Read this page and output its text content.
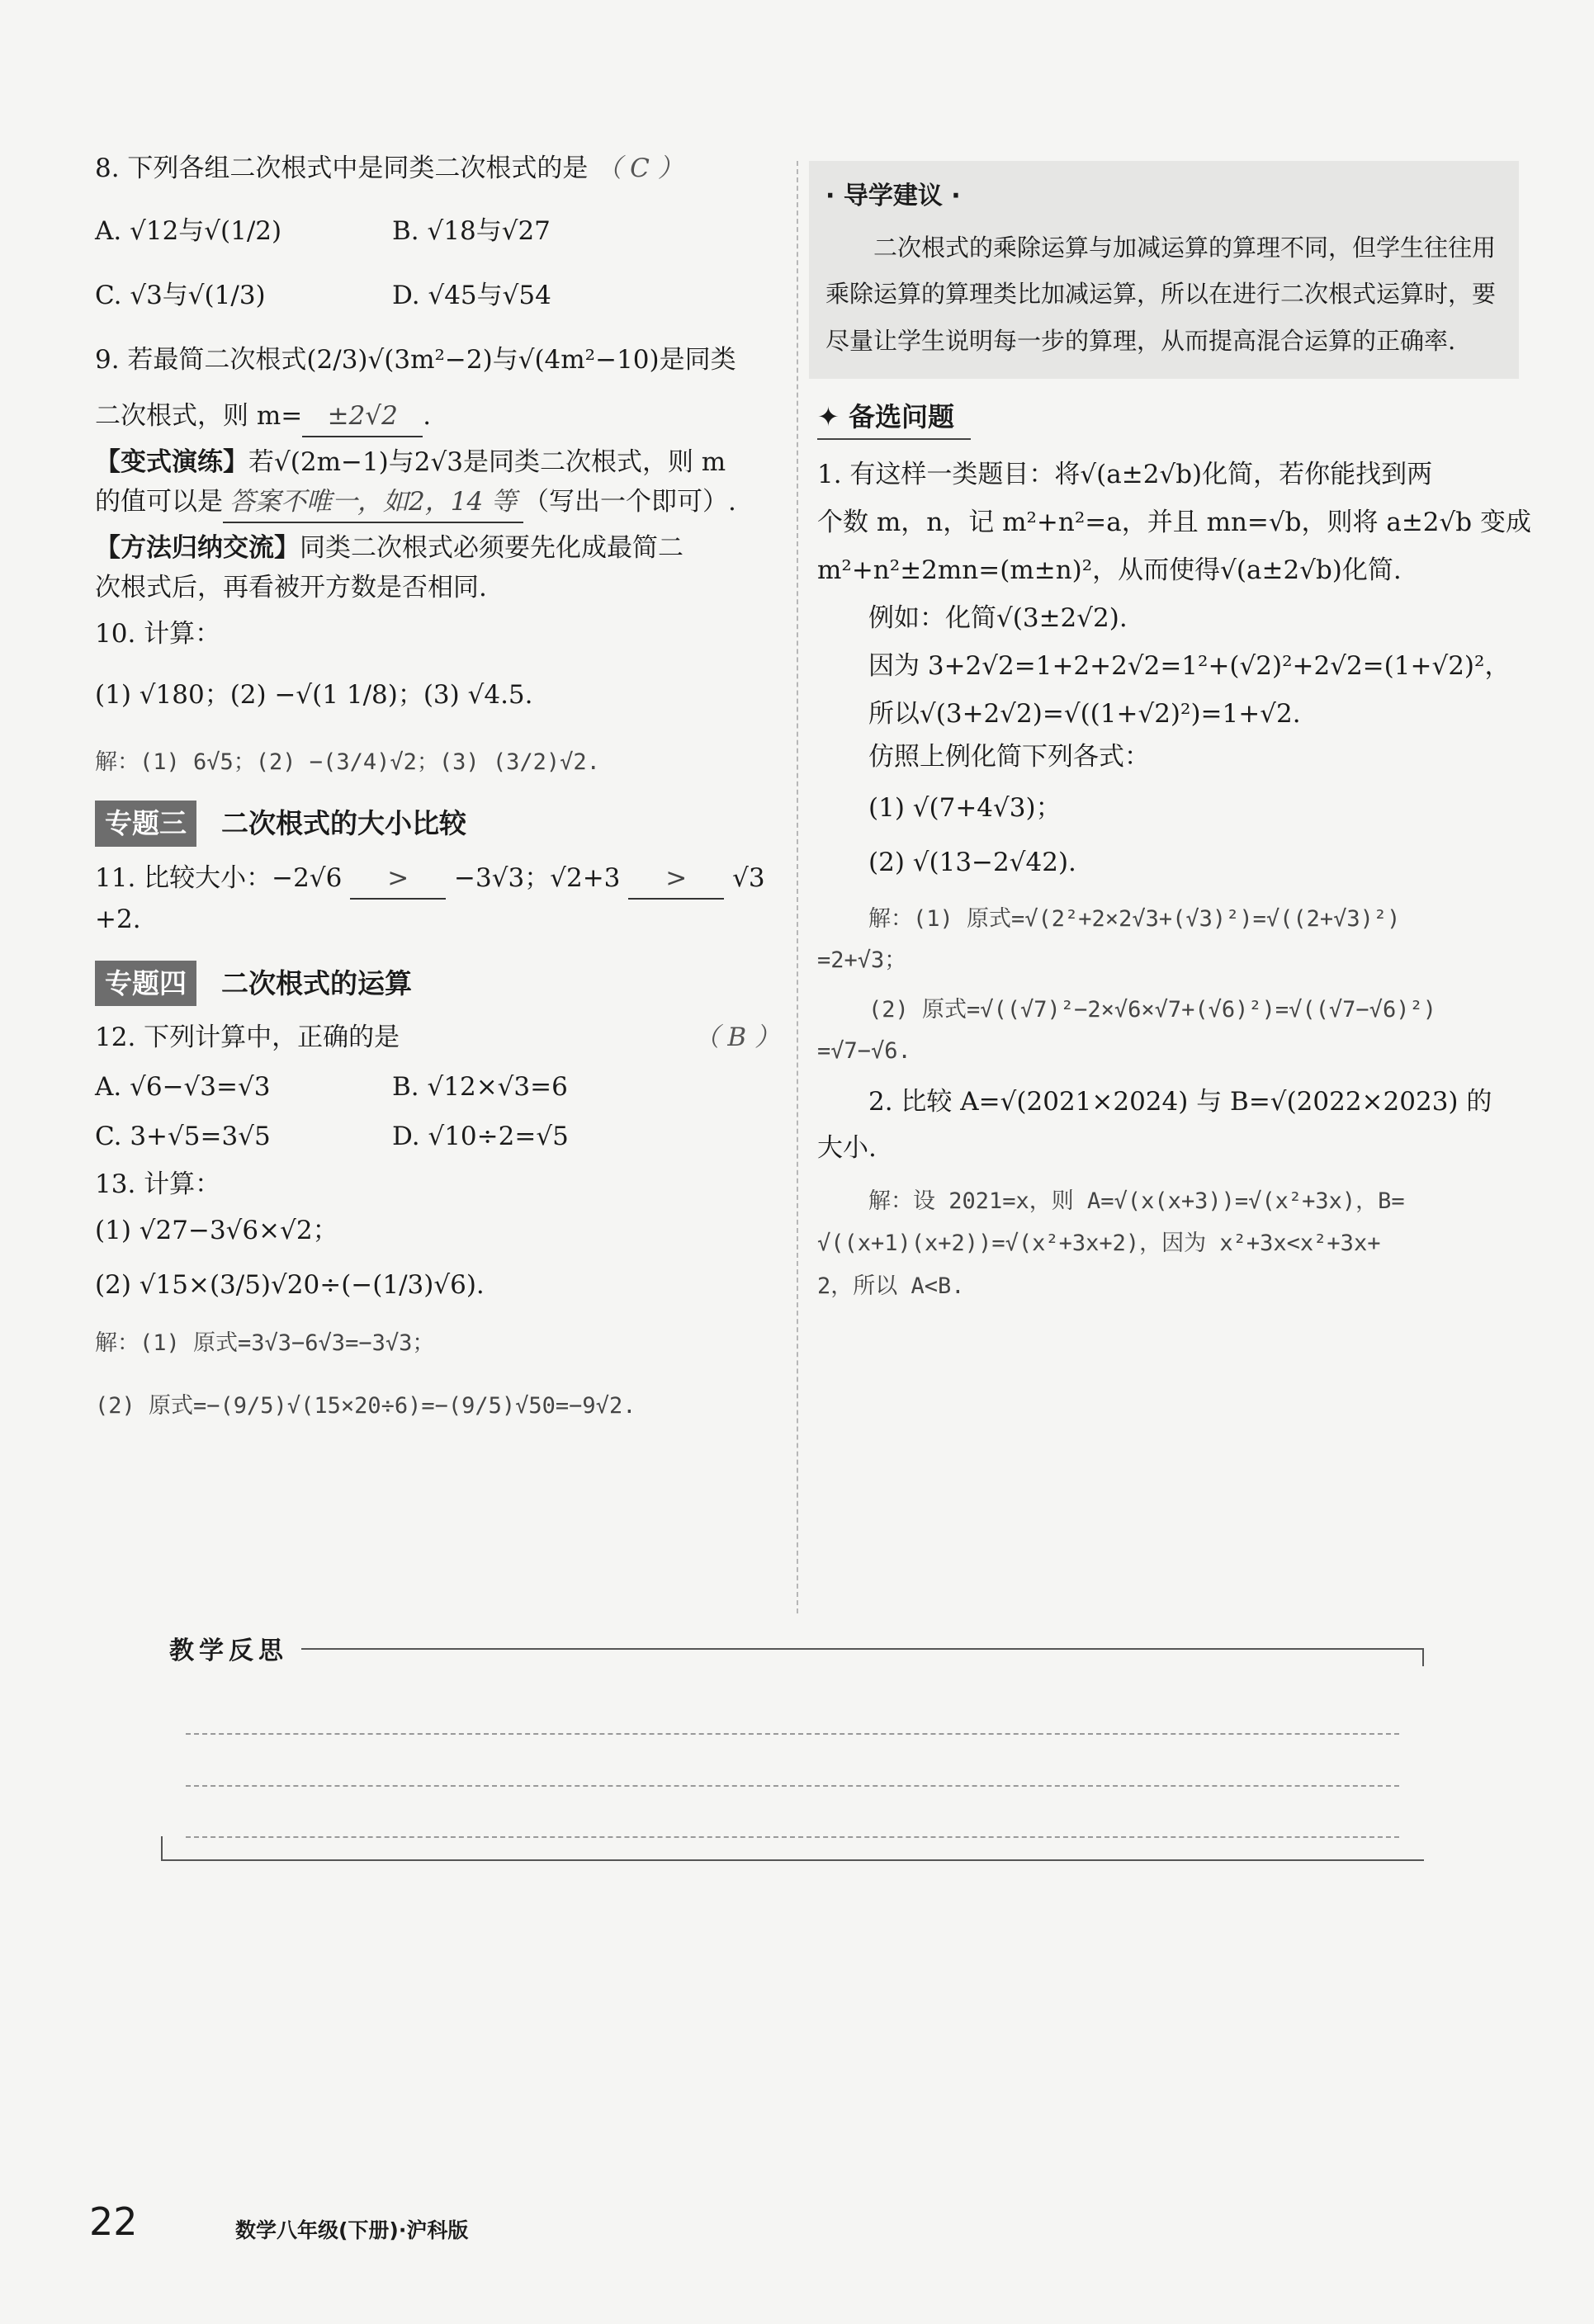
8. 下列各组二次根式中是同类二次根式的是 （ C ）

A. √12与√(1/2)	B. √18与√27
C. √3与√(1/3)	D. √45与√54

9. 若最简二次根式(2/3)√(3m²−2)与√(4m²−10)是同类

二次根式，则 m= ±2√2 .

【变式演练】若√(2m−1)与2√3是同类二次根式，则 m

的值可以是 答案不唯一，如2，14 等 （写出一个即可）.

【方法归纳交流】同类二次根式必须要先化成最简二

次根式后，再看被开方数是否相同.

10. 计算：

(1) √180；(2) −√(1 1/8)；(3) √4.5.

解：(1) 6√5；(2) −(3/4)√2；(3) (3/2)√2.

专题三 二次根式的大小比较

11. 比较大小：−2√6 > −3√3；√2+3 > √3

+2.

专题四 二次根式的运算

12. 下列计算中，正确的是	（ B ）

A. √6−√3=√3	B. √12×√3=6
C. 3+√5=3√5	D. √10÷2=√5

13. 计算：

(1) √27−3√6×√2；

(2) √15×(3/5)√20÷(−(1/3)√6).

解：(1) 原式=3√3−6√3=−3√3；

(2) 原式=−(9/5)√(15×20÷6)=−(9/5)√50=−9√2.

· 导学建议 ·
二次根式的乘除运算与加减运算的算理不同，但学生往往用乘除运算的算理类比加减运算，所以在进行二次根式运算时，要尽量让学生说明每一步的算理，从而提高混合运算的正确率.
✦ 备选问题

1. 有这样一类题目：将√(a±2√b)化简，若你能找到两

个数 m，n，记 m²+n²=a，并且 mn=√b，则将 a±2√b 变成

m²+n²±2mn=(m±n)²，从而使得√(a±2√b)化简.

例如：化简√(3±2√2).

因为 3+2√2=1+2+2√2=1²+(√2)²+2√2=(1+√2)²，

所以√(3+2√2)=√((1+√2)²)=1+√2.

仿照上例化简下列各式：

(1) √(7+4√3)；

(2) √(13−2√42).

解：(1) 原式=√(2²+2×2√3+(√3)²)=√((2+√3)²)

=2+√3；

(2) 原式=√((√7)²−2×√6×√7+(√6)²)=√((√7−√6)²)

=√7−√6.

2. 比较 A=√(2021×2024) 与 B=√(2022×2023) 的

大小.

解：设 2021=x，则 A=√(x(x+3))=√(x²+3x)，B=

√((x+1)(x+2))=√(x²+3x+2)，因为 x²+3x<x²+3x+

2，所以 A<B.

教学反思
22	数学八年级(下册)·沪科版
